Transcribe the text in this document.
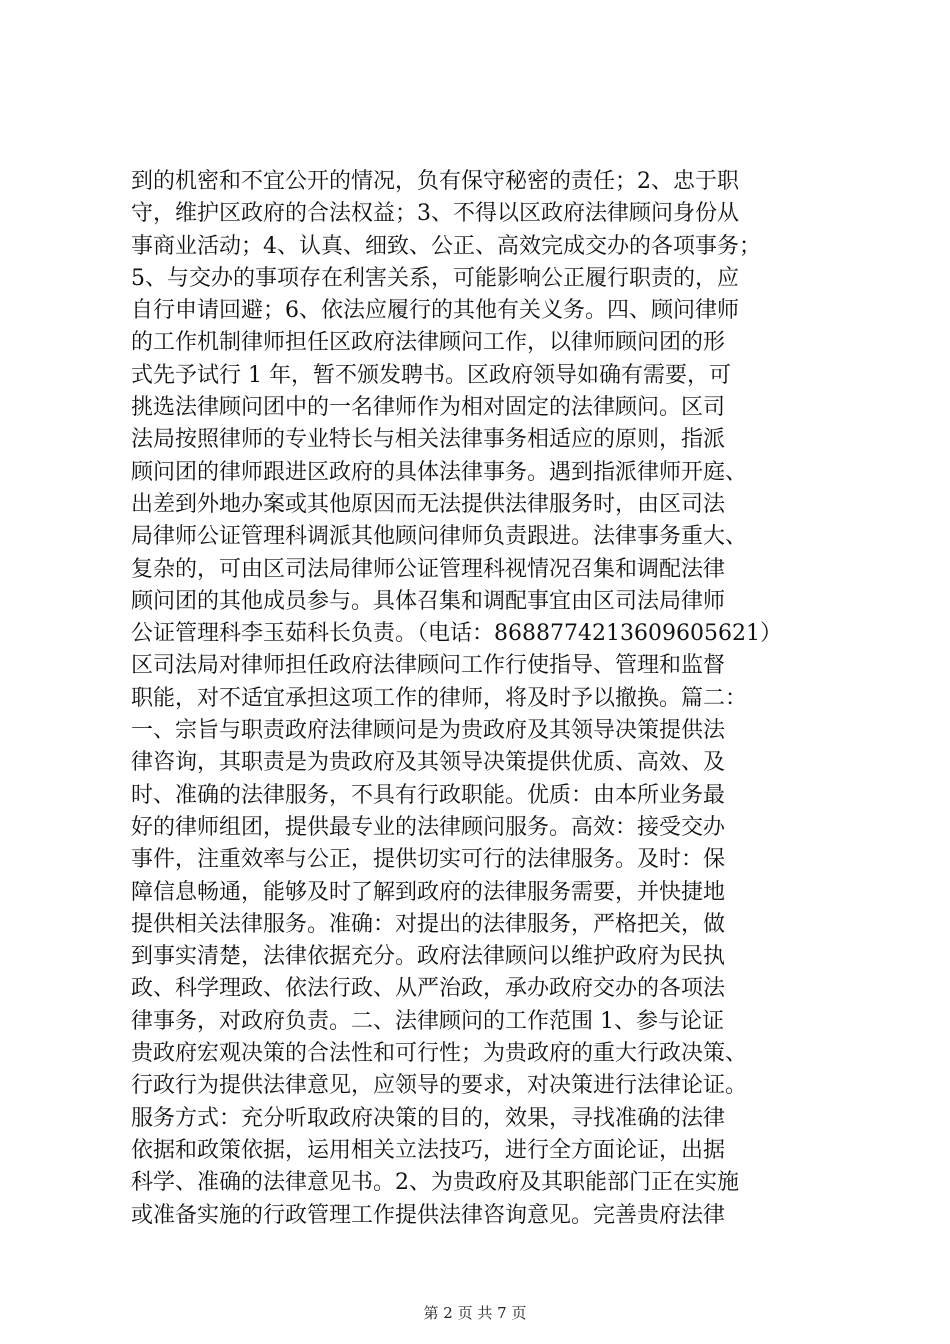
到的机密和不宜公开的情况，负有保守秘密的责任；2、忠于职
守，维护区政府的合法权益；3、不得以区政府法律顾问身份从
事商业活动；4、认真、细致、公正、高效完成交办的各项事务；
5、与交办的事项存在利害关系，可能影响公正履行职责的，应
自行申请回避；6、依法应履行的其他有关义务。四、顾问律师
的工作机制律师担任区政府法律顾问工作，以律师顾问团的形
式先予试行 1 年，暂不颁发聘书。区政府领导如确有需要，可
挑选法律顾问团中的一名律师作为相对固定的法律顾问。区司
法局按照律师的专业特长与相关法律事务相适应的原则，指派
顾问团的律师跟进区政府的具体法律事务。遇到指派律师开庭、
出差到外地办案或其他原因而无法提供法律服务时，由区司法
局律师公证管理科调派其他顾问律师负责跟进。法律事务重大、
复杂的，可由区司法局律师公证管理科视情况召集和调配法律
顾问团的其他成员参与。具体召集和调配事宜由区司法局律师
公证管理科李玉茹科长负责。（电话：8688774213609605621）
区司法局对律师担任政府法律顾问工作行使指导、管理和监督
职能，对不适宜承担这项工作的律师，将及时予以撤换。篇二：
一、宗旨与职责政府法律顾问是为贵政府及其领导决策提供法
律咨询，其职责是为贵政府及其领导决策提供优质、高效、及
时、准确的法律服务，不具有行政职能。优质：由本所业务最
好的律师组团，提供最专业的法律顾问服务。高效：接受交办
事件，注重效率与公正，提供切实可行的法律服务。及时：保
障信息畅通，能够及时了解到政府的法律服务需要，并快捷地
提供相关法律服务。准确：对提出的法律服务，严格把关，做
到事实清楚，法律依据充分。政府法律顾问以维护政府为民执
政、科学理政、依法行政、从严治政，承办政府交办的各项法
律事务，对政府负责。二、法律顾问的工作范围 1、参与论证
贵政府宏观决策的合法性和可行性；为贵政府的重大行政决策、
行政行为提供法律意见，应领导的要求，对决策进行法律论证。
服务方式：充分听取政府决策的目的，效果，寻找准确的法律
依据和政策依据，运用相关立法技巧，进行全方面论证，出据
科学、准确的法律意见书。2、为贵政府及其职能部门正在实施
或准备实施的行政管理工作提供法律咨询意见。完善贵府法律
第 2 页 共 7 页
